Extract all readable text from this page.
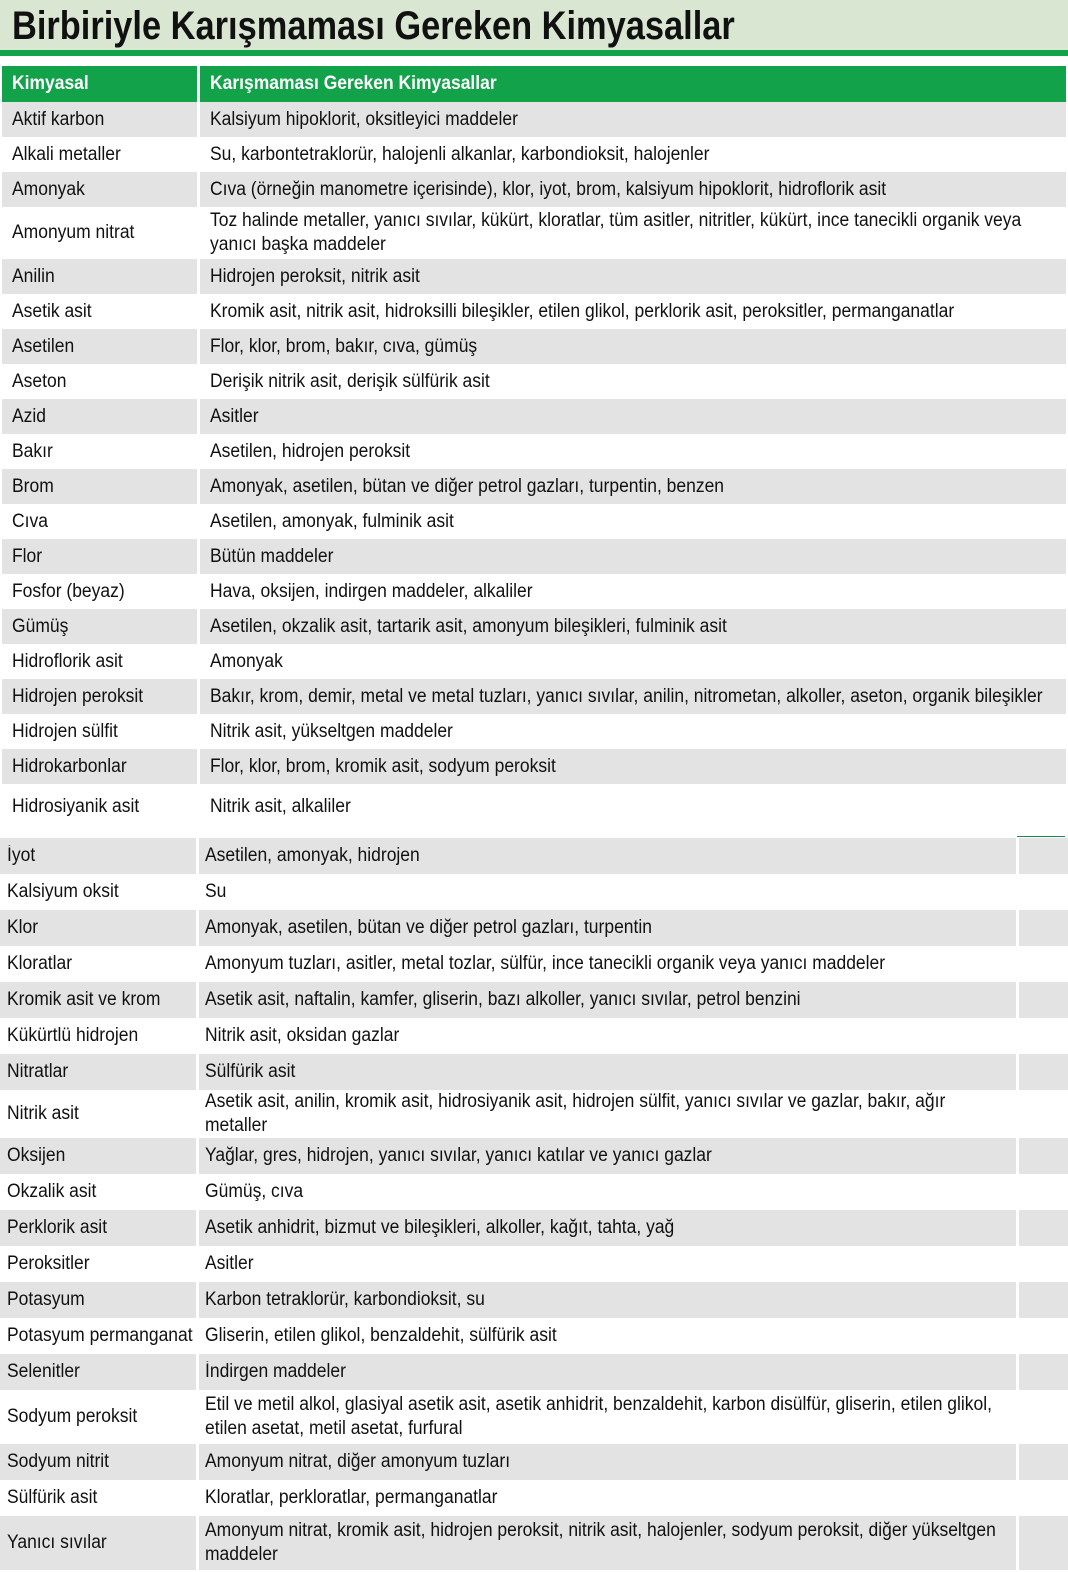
Birbiriyle Karışmaması Gereken Kimyasallar
Kimyasal	Karışmaması Gereken Kimyasallar

Aktif karbon	Kalsiyum hipoklorit, oksitleyici maddeler

Alkali metaller	Su, karbontetraklorür, halojenli alkanlar, karbondioksit, halojenler

Amonyak	Cıva (örneğin manometre içerisinde), klor, iyot, brom, kalsiyum hipoklorit, hidroflorik asit

Amonyum nitrat	Toz halinde metaller, yanıcı sıvılar, kükürt, kloratlar, tüm asitler, nitritler, kükürt, ince tanecikli organik veya yanıcı başka maddeler

Anilin	Hidrojen peroksit, nitrik asit

Asetik asit	Kromik asit, nitrik asit, hidroksilli bileşikler, etilen glikol, perklorik asit, peroksitler, permanganatlar

Asetilen	Flor, klor, brom, bakır, cıva, gümüş

Aseton	Derişik nitrik asit, derişik sülfürik asit

Azid	Asitler

Bakır	Asetilen, hidrojen peroksit

Brom	Amonyak, asetilen, bütan ve diğer petrol gazları, turpentin, benzen

Cıva	Asetilen, amonyak, fulminik asit

Flor	Bütün maddeler

Fosfor (beyaz)	Hava, oksijen, indirgen maddeler, alkaliler

Gümüş	Asetilen, okzalik asit, tartarik asit, amonyum bileşikleri, fulminik asit

Hidroflorik asit	Amonyak

Hidrojen peroksit	Bakır, krom, demir, metal ve metal tuzları, yanıcı sıvılar, anilin, nitrometan, alkoller, aseton, organik bileşikler

Hidrojen sülfit	Nitrik asit, yükseltgen maddeler

Hidrokarbonlar	Flor, klor, brom, kromik asit, sodyum peroksit

Hidrosiyanik asit	Nitrik asit, alkaliler
İyot	Asetilen, amonyak, hidrojen	

Kalsiyum oksit	Su	

Klor	Amonyak, asetilen, bütan ve diğer petrol gazları, turpentin	

Kloratlar	Amonyum tuzları, asitler, metal tozlar, sülfür, ince tanecikli organik veya yanıcı maddeler	

Kromik asit ve krom	Asetik asit, naftalin, kamfer, gliserin, bazı alkoller, yanıcı sıvılar, petrol benzini	

Kükürtlü hidrojen	Nitrik asit, oksidan gazlar	

Nitratlar	Sülfürik asit	

Nitrik asit	Asetik asit, anilin, kromik asit, hidrosiyanik asit, hidrojen sülfit, yanıcı sıvılar ve gazlar, bakır, ağır metaller	

Oksijen	Yağlar, gres, hidrojen, yanıcı sıvılar, yanıcı katılar ve yanıcı gazlar	

Okzalik asit	Gümüş, cıva	

Perklorik asit	Asetik anhidrit, bizmut ve bileşikleri, alkoller, kağıt, tahta, yağ	

Peroksitler	Asitler	

Potasyum	Karbon tetraklorür, karbondioksit, su	

Potasyum permanganat	Gliserin, etilen glikol, benzaldehit, sülfürik asit	

Selenitler	İndirgen maddeler	

Sodyum peroksit	Etil ve metil alkol, glasiyal asetik asit, asetik anhidrit, benzaldehit, karbon disülfür, gliserin, etilen glikol, etilen asetat, metil asetat, furfural	

Sodyum nitrit	Amonyum nitrat, diğer amonyum tuzları	

Sülfürik asit	Kloratlar, perkloratlar, permanganatlar	

Yanıcı sıvılar	Amonyum nitrat, kromik asit, hidrojen peroksit, nitrik asit, halojenler, sodyum peroksit, diğer yükseltgen maddeler	
